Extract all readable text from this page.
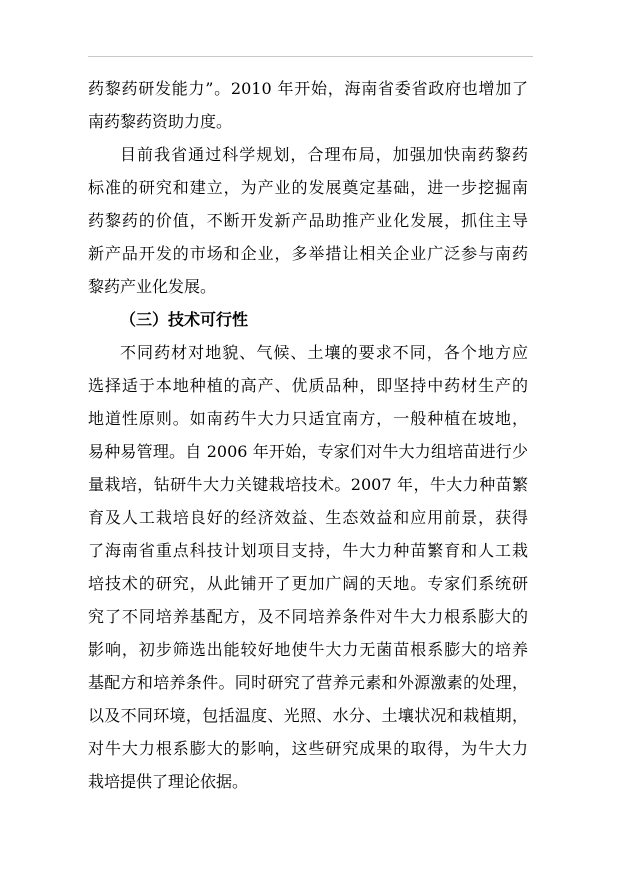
药黎药研发能力”。2010 年开始，海南省委省政府也增加了
南药黎药资助力度。
目前我省通过科学规划，合理布局，加强加快南药黎药
标准的研究和建立，为产业的发展奠定基础，进一步挖掘南
药黎药的价值，不断开发新产品助推产业化发展，抓住主导
新产品开发的市场和企业，多举措让相关企业广泛参与南药
黎药产业化发展。
（三）技术可行性
不同药材对地貌、气候、土壤的要求不同，各个地方应
选择适于本地种植的高产、优质品种，即坚持中药材生产的
地道性原则。如南药牛大力只适宜南方，一般种植在坡地，
易种易管理。自 2006 年开始，专家们对牛大力组培苗进行少
量栽培，钻研牛大力关键栽培技术。2007 年，牛大力种苗繁
育及人工栽培良好的经济效益、生态效益和应用前景，获得
了海南省重点科技计划项目支持，牛大力种苗繁育和人工栽
培技术的研究，从此铺开了更加广阔的天地。专家们系统研
究了不同培养基配方，及不同培养条件对牛大力根系膨大的
影响，初步筛选出能较好地使牛大力无菌苗根系膨大的培养
基配方和培养条件。同时研究了营养元素和外源激素的处理，
以及不同环境，包括温度、光照、水分、土壤状况和栽植期，
对牛大力根系膨大的影响，这些研究成果的取得，为牛大力
栽培提供了理论依据。
